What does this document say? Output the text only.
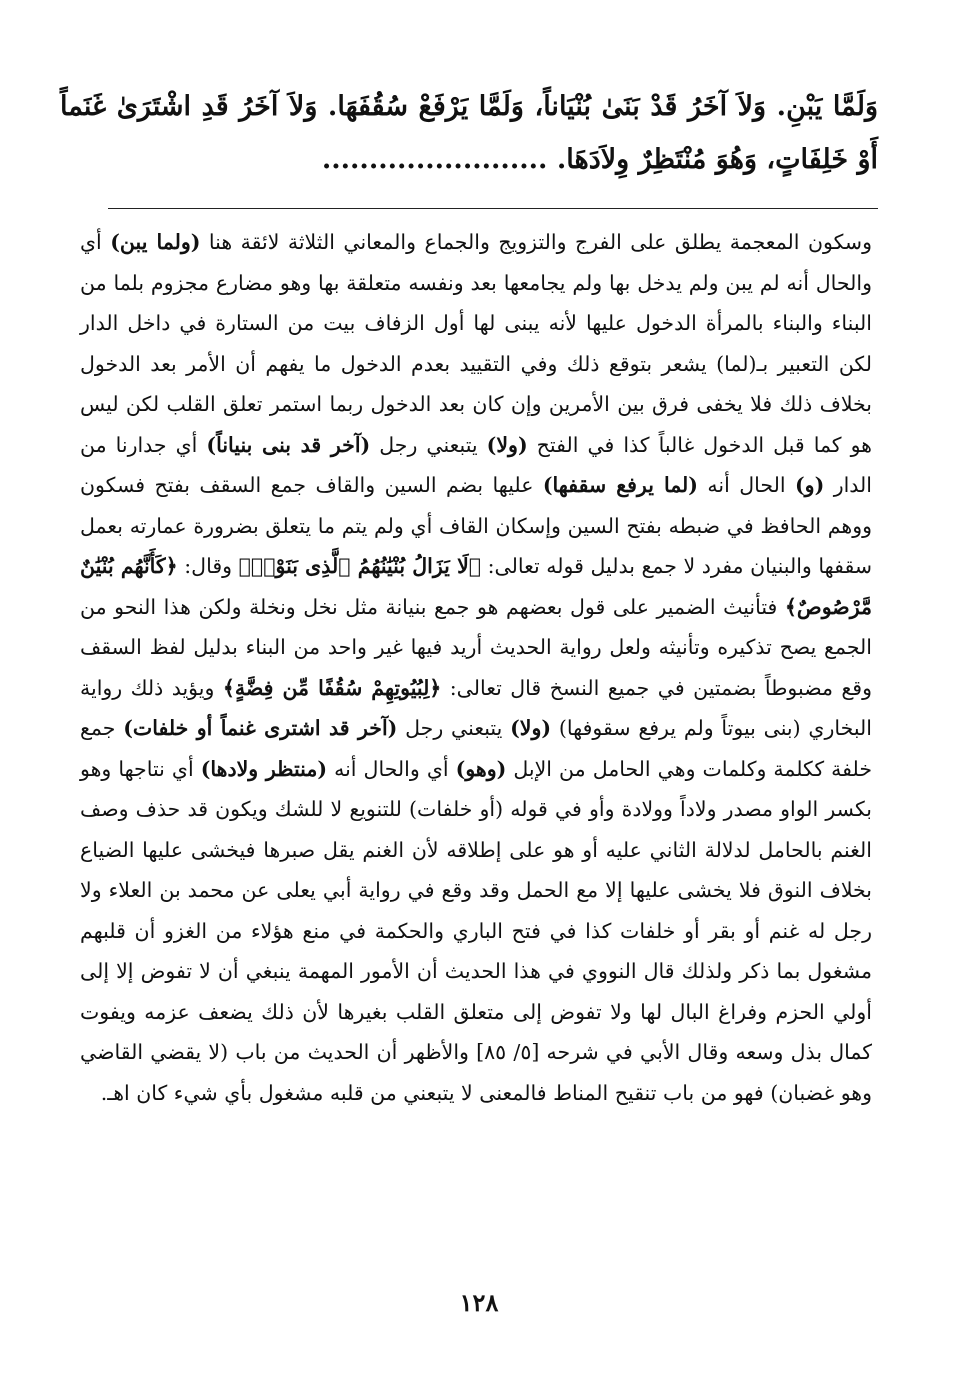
وَلَمَّا يَبْنِ. وَلاَ آخَرُ قَدْ بَنَىٰ بُنْيَاناً، وَلَمَّا يَرْفَعْ سُقُفَهَا. وَلاَ آخَرُ قَدِ اشْتَرَىٰ غَنَماً أَوْ خَلِفَاتٍ، وَهُوَ مُنْتَظِرٌ وِلاَدَهَا. ........................
وسكون المعجمة يطلق على الفرج والتزويج والجماع والمعاني الثلاثة لائقة هنا (ولما يبن) أي والحال أنه لم يبن ولم يدخل بها ولم يجامعها بعد ونفسه متعلقة بها وهو مضارع مجزوم بلما من البناء والبناء بالمرأة الدخول عليها لأنه يبنى لها أول الزفاف بيت من الستارة في داخل الدار لكن التعبير بـ(لما) يشعر بتوقع ذلك وفي التقييد بعدم الدخول ما يفهم أن الأمر بعد الدخول بخلاف ذلك فلا يخفى فرق بين الأمرين وإن كان بعد الدخول ربما استمر تعلق القلب لكن ليس هو كما قبل الدخول غالباً كذا في الفتح (ولا) يتبعني رجل (آخر قد بنى بنياناً) أي جدارنا من الدار (و) الحال أنه (لما يرفع سقفها) عليها بضم السين والقاف جمع السقف بفتح فسكون ووهم الحافظ في ضبطه بفتح السين وإسكان القاف أي ولم يتم ما يتعلق بضرورة عمارته بعمل سقفها والبنيان مفرد لا جمع بدليل قوله تعالى: ﴿لَا يَزَالُ بُنْيَٰنُهُمُ ٱلَّذِى بَنَوْا۟﴾ وقال: ﴿كَأَنَّهُم بُنْيَٰنٌ مَّرْصُوصٌ﴾ فتأنيث الضمير على قول بعضهم هو جمع بنيانة مثل نخل ونخلة ولكن هذا النحو من الجمع يصح تذكيره وتأنيثه ولعل رواية الحديث أريد فيها غير واحد من البناء بدليل لفظ السقف وقع مضبوطاً بضمتين في جميع النسخ قال تعالى: ﴿لِبُيُوتِهِمْ سُقُفًا مِّن فِضَّةٍ﴾ ويؤيد ذلك رواية البخاري (بنى بيوتاً ولم يرفع سقوفها) (ولا) يتبعني رجل (آخر قد اشترى غنماً أو خلفات) جمع خلفة ككلمة وكلمات وهي الحامل من الإبل (وهو) أي والحال أنه (منتظر ولادها) أي نتاجها وهو بكسر الواو مصدر ولاداً وولادة وأو في قوله (أو خلفات) للتنويع لا للشك ويكون قد حذف وصف الغنم بالحامل لدلالة الثاني عليه أو هو على إطلاقه لأن الغنم يقل صبرها فيخشى عليها الضياع بخلاف النوق فلا يخشى عليها إلا مع الحمل وقد وقع في رواية أبي يعلى عن محمد بن العلاء ولا رجل له غنم أو بقر أو خلفات كذا في فتح الباري والحكمة في منع هؤلاء من الغزو أن قلبهم مشغول بما ذكر ولذلك قال النووي في هذا الحديث أن الأمور المهمة ينبغي أن لا تفوض إلا إلى أولي الحزم وفراغ البال لها ولا تفوض إلى متعلق القلب بغيرها لأن ذلك يضعف عزمه ويفوت كمال بذل وسعه وقال الأبي في شرحه [٥/ ٨٥] والأظهر أن الحديث من باب (لا يقضي القاضي وهو غضبان) فهو من باب تنقيح المناط فالمعنى لا يتبعني من قلبه مشغول بأي شيء كان اهـ.
١٢٨
